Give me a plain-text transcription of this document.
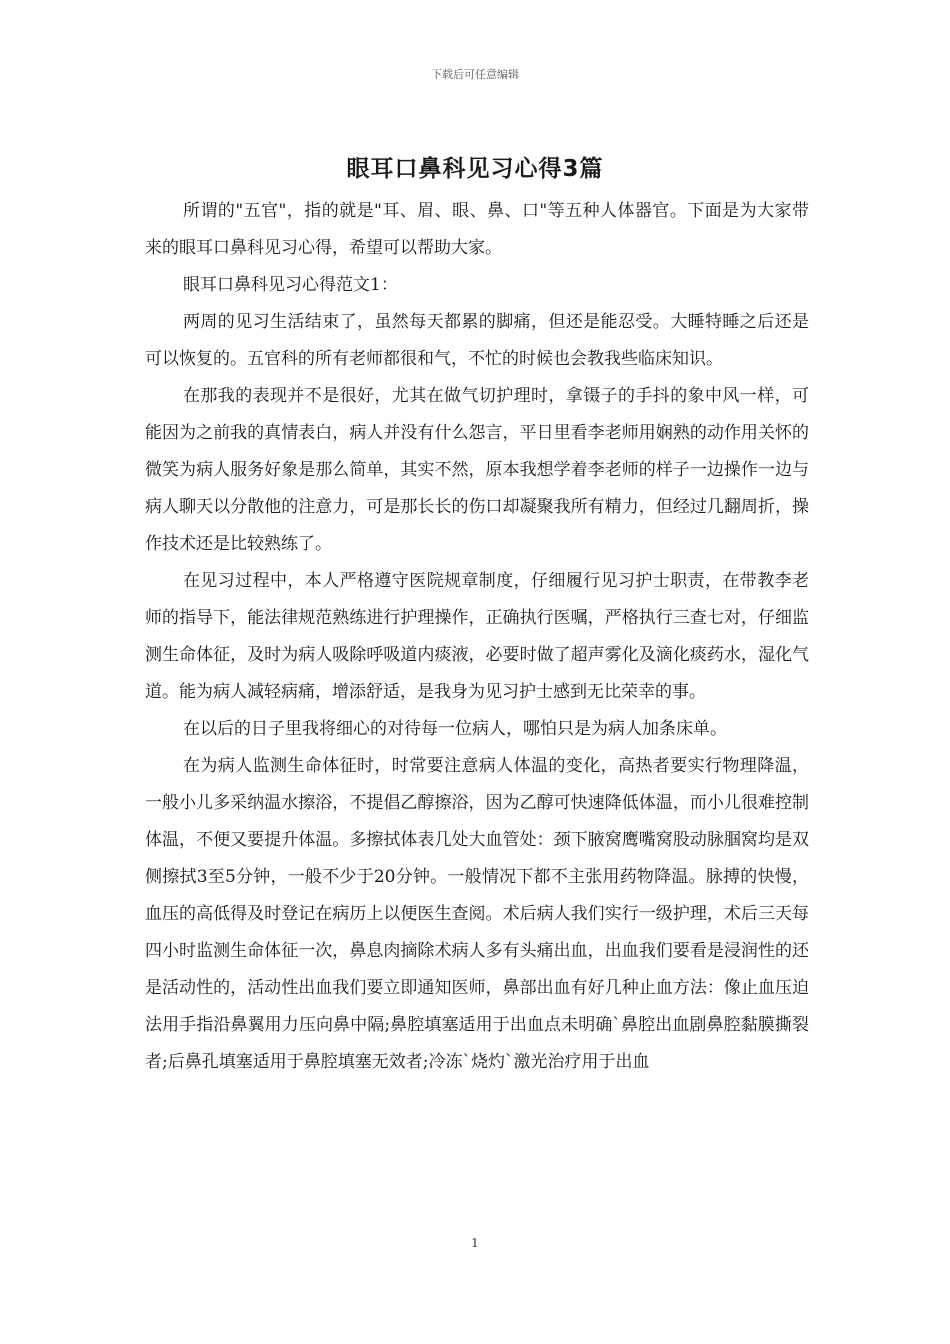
下载后可任意编辑
眼耳口鼻科见习心得3篇

所谓的"五官"，指的就是"耳、眉、眼、鼻、口"等五种人体器官。下面是为大家带来的眼耳口鼻科见习心得，希望可以帮助大家。

眼耳口鼻科见习心得范文1：

两周的见习生活结束了，虽然每天都累的脚痛，但还是能忍受。大睡特睡之后还是可以恢复的。五官科的所有老师都很和气，不忙的时候也会教我些临床知识。

在那我的表现并不是很好，尤其在做气切护理时，拿镊子的手抖的象中风一样，可能因为之前我的真情表白，病人并没有什么怨言，平日里看李老师用娴熟的动作用关怀的微笑为病人服务好象是那么简单，其实不然，原本我想学着李老师的样子一边操作一边与病人聊天以分散他的注意力，可是那长长的伤口却凝聚我所有精力，但经过几翻周折，操作技术还是比较熟练了。

在见习过程中，本人严格遵守医院规章制度，仔细履行见习护士职责，在带教李老师的指导下，能法律规范熟练进行护理操作，正确执行医嘱，严格执行三查七对，仔细监测生命体征，及时为病人吸除呼吸道内痰液，必要时做了超声雾化及滴化痰药水，湿化气道。能为病人减轻病痛，增添舒适，是我身为见习护士感到无比荣幸的事。

在以后的日子里我将细心的对待每一位病人，哪怕只是为病人加条床单。

在为病人监测生命体征时，时常要注意病人体温的变化，高热者要实行物理降温，一般小儿多采纳温水擦浴，不提倡乙醇擦浴，因为乙醇可快速降低体温，而小儿很难控制体温，不便又要提升体温。多擦拭体表几处大血管处：颈下腋窝鹰嘴窝股动脉腘窝均是双侧擦拭3至5分钟，一般不少于20分钟。一般情况下都不主张用药物降温。脉搏的快慢，血压的高低得及时登记在病历上以便医生查阅。术后病人我们实行一级护理，术后三天每四小时监测生命体征一次，鼻息肉摘除术病人多有头痛出血，出血我们要看是浸润性的还是活动性的，活动性出血我们要立即通知医师，鼻部出血有好几种止血方法：像止血压迫法用手指沿鼻翼用力压向鼻中隔;鼻腔填塞适用于出血点未明确`鼻腔出血剧鼻腔黏膜撕裂者;后鼻孔填塞适用于鼻腔填塞无效者;冷冻`烧灼`激光治疗用于出血

1
